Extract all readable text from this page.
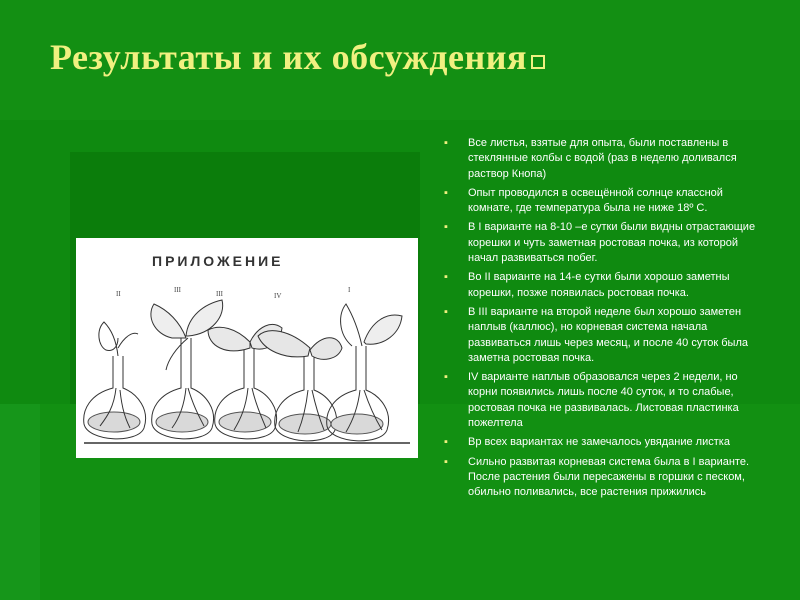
Результаты и их обсуждения
ПРИЛОЖЕНИЕ
II	III	III	IV
I
▪ Все листья, взятые для опыта, были поставлены в стеклянные колбы с водой (раз в неделю доливался раствор Кнопа)
▪ Опыт проводился в освещённой солнце классной комнате, где температура была не ниже 18º С.
▪ В I варианте на 8-10 –е сутки были видны отрастающие корешки и чуть заметная ростовая почка, из которой начал развиваться побег.
▪ Во II варианте на 14-е сутки были хорошо заметны корешки, позже появилась ростовая почка.
▪ В III варианте на второй неделе был хорошо заметен наплыв (каллюс), но корневая система начала развиваться лишь через месяц, и после 40 суток была заметна ростовая почка.
▪ IV варианте наплыв образовался через 2 недели, но корни появились лишь после 40 суток, и то слабые, ростовая почка не развивалась. Листовая пластинка пожелтела
▪ Вр всех вариантах не замечалось увядание листка
▪ Сильно развитая корневая система была в I варианте. После растения были пересажены в горшки с песком, обильно поливались, все растения прижились
